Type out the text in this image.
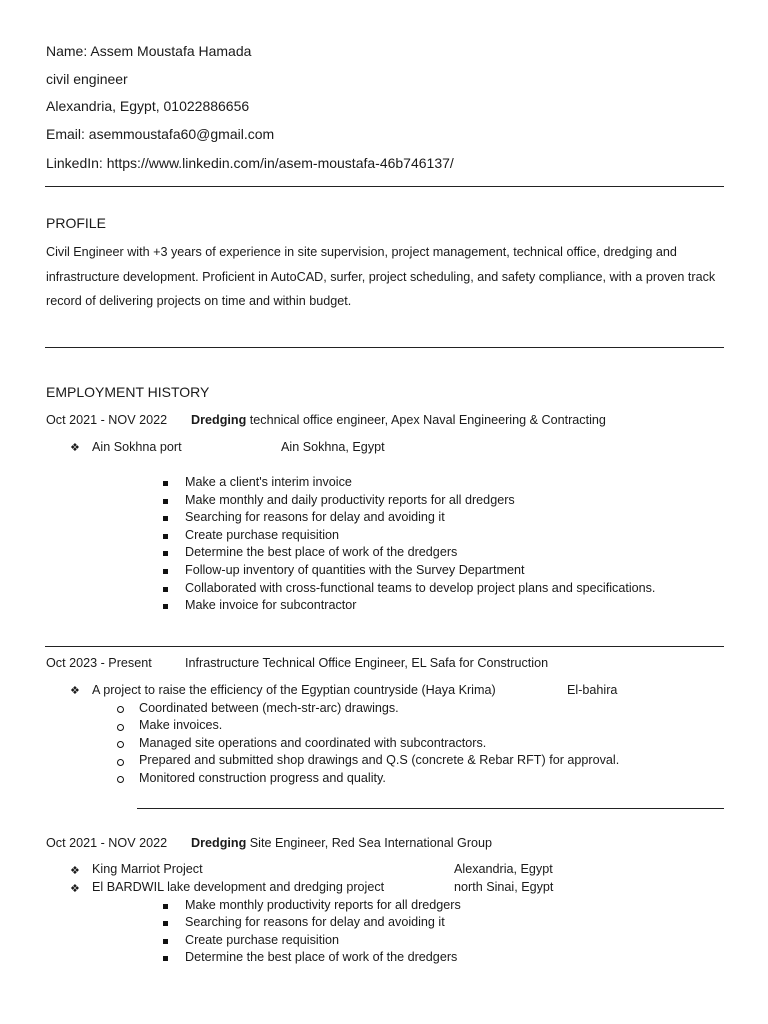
Name: Assem Moustafa Hamada
civil engineer
Alexandria, Egypt, 01022886656
Email: asemmoustafa60@gmail.com
LinkedIn: https://www.linkedin.com/in/asem-moustafa-46b746137/
PROFILE
Civil Engineer with +3 years of experience in site supervision, project management, technical office, dredging and infrastructure development. Proficient in AutoCAD, surfer, project scheduling, and safety compliance, with a proven track record of delivering projects on time and within budget.
EMPLOYMENT HISTORY
Oct 2021 - NOV 2022 Dredging technical office engineer, Apex Naval Engineering & Contracting
❖ Ain Sokhna port	Ain Sokhna, Egypt
Make a client's interim invoice
Make monthly and daily productivity reports for all dredgers
Searching for reasons for delay and avoiding it
Create purchase requisition
Determine the best place of work of the dredgers
Follow-up inventory of quantities with the Survey Department
Collaborated with cross-functional teams to develop project plans and specifications.
Make invoice for subcontractor
Oct 2023 - Present	Infrastructure Technical Office Engineer, EL Safa for Construction
❖ A project to raise the efficiency of the Egyptian countryside (Haya Krima)	El-bahira
Coordinated between (mech-str-arc) drawings.
Make invoices.
Managed site operations and coordinated with subcontractors.
Prepared and submitted shop drawings and Q.S (concrete & Rebar RFT) for approval.
Monitored construction progress and quality.
Oct 2021 - NOV 2022 Dredging Site Engineer, Red Sea International Group
❖ King Marriot Project	Alexandria, Egypt
❖ El BARDWIL lake development and dredging project	north Sinai, Egypt
Make monthly productivity reports for all dredgers
Searching for reasons for delay and avoiding it
Create purchase requisition
Determine the best place of work of the dredgers
